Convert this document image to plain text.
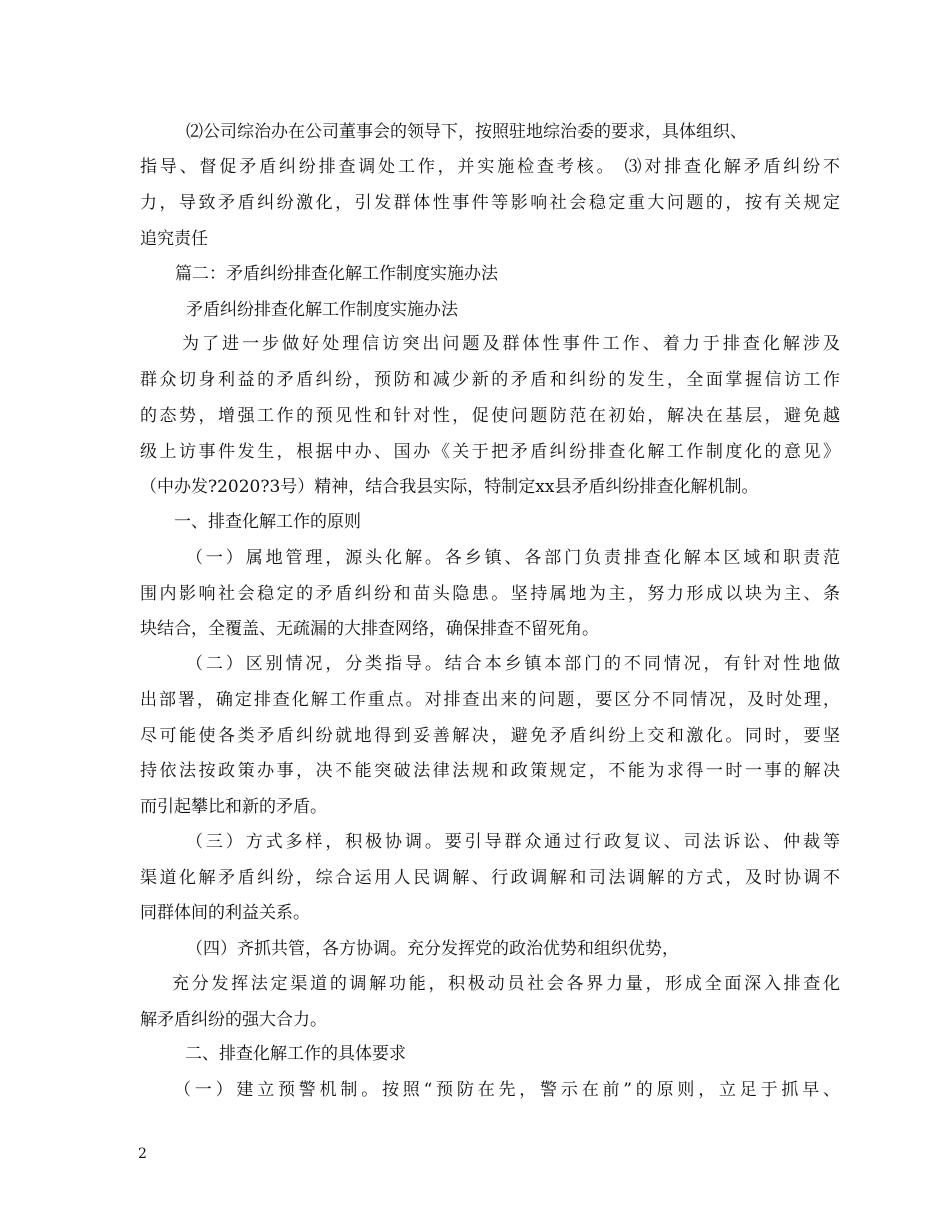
⑵公司综治办在公司董事会的领导下，按照驻地综治委的要求，具体组织、
指导、督促矛盾纠纷排查调处工作，并实施检查考核。 ⑶对排查化解矛盾纠纷不
力，导致矛盾纠纷激化，引发群体性事件等影响社会稳定重大问题的，按有关规定
追究责任
篇二：矛盾纠纷排查化解工作制度实施办法
矛盾纠纷排查化解工作制度实施办法
为了进一步做好处理信访突出问题及群体性事件工作、着力于排查化解涉及
群众切身利益的矛盾纠纷，预防和减少新的矛盾和纠纷的发生，全面掌握信访工作
的态势，增强工作的预见性和针对性，促使问题防范在初始，解决在基层，避免越
级上访事件发生，根据中办、国办《关于把矛盾纠纷排查化解工作制度化的意见》
（中办发?2020?3号）精神，结合我县实际，特制定xx县矛盾纠纷排查化解机制。
一、排查化解工作的原则
（一）属地管理，源头化解。各乡镇、各部门负责排查化解本区域和职责范
围内影响社会稳定的矛盾纠纷和苗头隐患。坚持属地为主，努力形成以块为主、条
块结合，全覆盖、无疏漏的大排查网络，确保排查不留死角。
（二）区别情况，分类指导。结合本乡镇本部门的不同情况，有针对性地做
出部署，确定排查化解工作重点。对排查出来的问题，要区分不同情况，及时处理，
尽可能使各类矛盾纠纷就地得到妥善解决，避免矛盾纠纷上交和激化。同时，要坚
持依法按政策办事，决不能突破法律法规和政策规定，不能为求得一时一事的解决
而引起攀比和新的矛盾。
（三）方式多样，积极协调。要引导群众通过行政复议、司法诉讼、仲裁等
渠道化解矛盾纠纷，综合运用人民调解、行政调解和司法调解的方式，及时协调不
同群体间的利益关系。
（四）齐抓共管，各方协调。充分发挥党的政治优势和组织优势，
充分发挥法定渠道的调解功能，积极动员社会各界力量，形成全面深入排查化
解矛盾纠纷的强大合力。
二、排查化解工作的具体要求
（一）建立预警机制。按照“预防在先，警示在前”的原则，立足于抓早、
2
